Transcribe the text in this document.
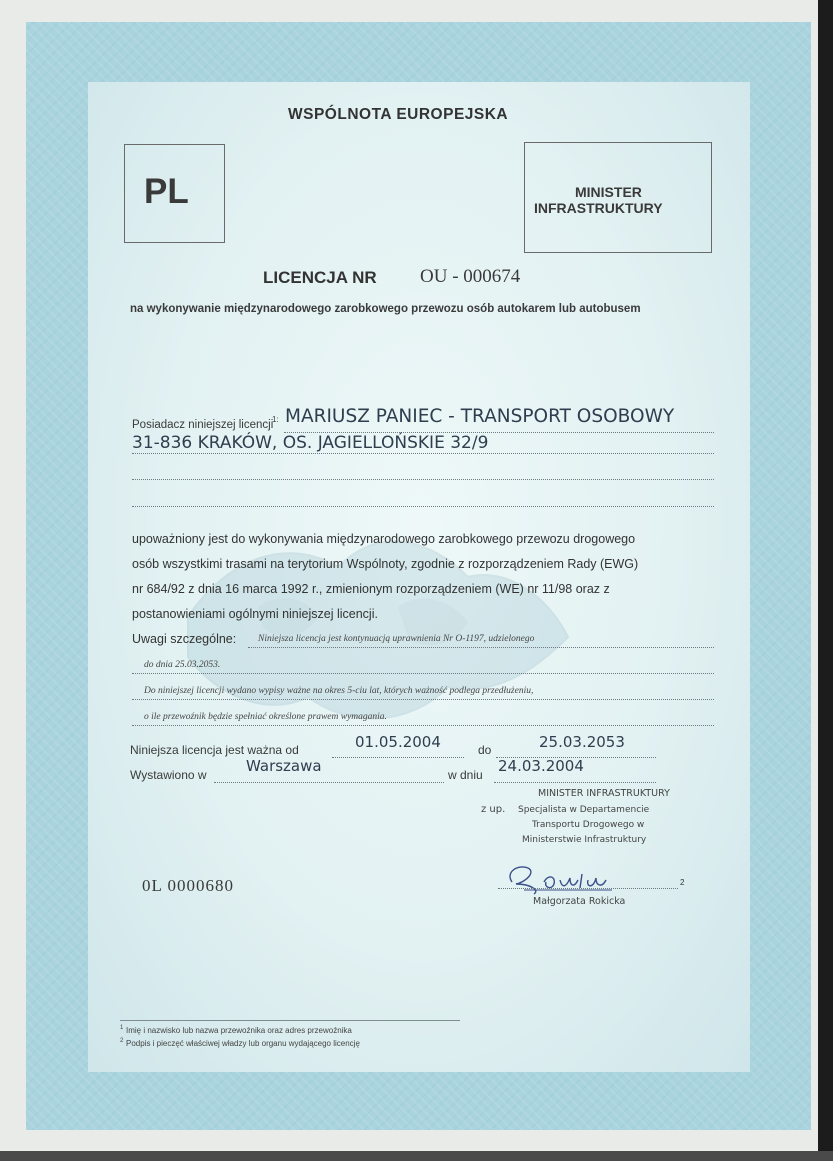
WSPÓLNOTA EUROPEJSKA
PL	MINISTER
INFRASTRUKTURY
LICENCJA NR OU - 000674
na wykonywanie międzynarodowego zarobkowego przewozu osób autokarem lub autobusem
Posiadacz niniejszej licencji
1: MARIUSZ PANIEC - TRANSPORT OSOBOWY
31-836 KRAKÓW, OS. JAGIELLOŃSKIE 32/9
upoważniony jest do wykonywania międzynarodowego zarobkowego przewozu drogowego
osób wszystkimi trasami na terytorium Wspólnoty, zgodnie z rozporządzeniem Rady (EWG)
nr 684/92 z dnia 16 marca 1992 r., zmienionym rozporządzeniem (WE) nr 11/98 oraz z
postanowieniami ogólnymi niniejszej licencji.
Uwagi szczególne: Niniejsza licencja jest kontynuacją uprawnienia Nr O-1197, udzielonego
do dnia 25.03.2053.
Do niniejszej licencji wydano wypisy ważne na okres 5-ciu lat, których ważność podlega przedłużeniu,
o ile przewoźnik będzie spełniać określone prawem wymagania.
Niniejsza licencja jest ważna od	01.05.2004	do	25.03.2053
Wystawiono w	Warszawa	w dniu 24.03.2004
MINISTER INFRASTRUKTURY
z up. Specjalista w Departamencie
Transportu Drogowego w
Ministerstwie Infrastruktury
2
Małgorzata Rokicka
0L 0000680
1 Imię i nazwisko lub nazwa przewoźnika oraz adres przewoźnika
2 Podpis i pieczęć właściwej władzy lub organu wydającego licencję
